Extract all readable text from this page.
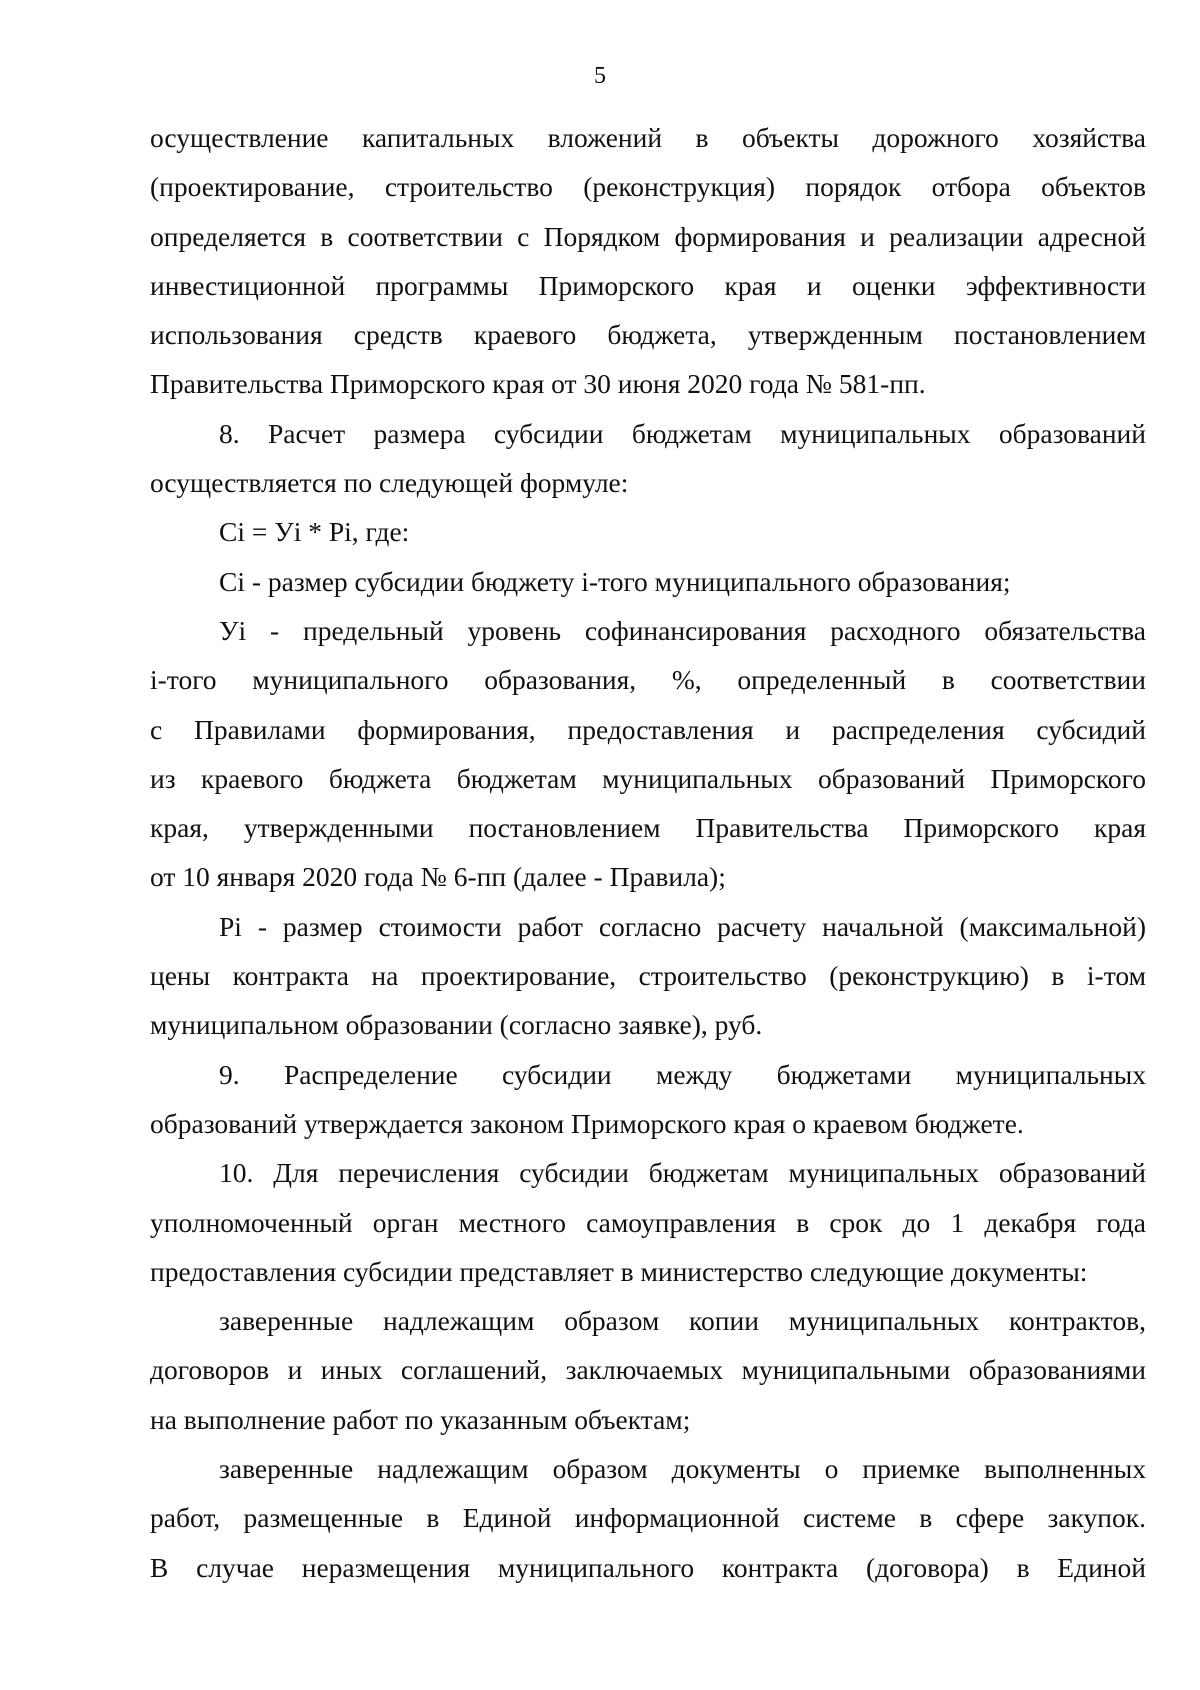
5

осуществление капитальных вложений в объекты дорожного хозяйства
(проектирование, строительство (реконструкция) порядок отбора объектов
определяется в соответствии с Порядком формирования и реализации адресной
инвестиционной программы Приморского края и оценки эффективности
использования средств краевого бюджета, утвержденным постановлением
Правительства Приморского края от 30 июня 2020 года № 581-пп.

8. Расчет размера субсидии бюджетам муниципальных образований
осуществляется по следующей формуле:

Ci = Уi * Pi, где:

Ci - размер субсидии бюджету i-того муниципального образования;

Уi - предельный уровень софинансирования расходного обязательства
i-того муниципального образования, %, определенный в соответствии
с Правилами формирования, предоставления и распределения субсидий
из краевого бюджета бюджетам муниципальных образований Приморского
края, утвержденными постановлением Правительства Приморского края
от 10 января 2020 года № 6-пп (далее - Правила);

Pi - размер стоимости работ согласно расчету начальной (максимальной)
цены контракта на проектирование, строительство (реконструкцию) в i-том
муниципальном образовании (согласно заявке), руб.

9. Распределение субсидии между бюджетами муниципальных
образований утверждается законом Приморского края о краевом бюджете.

10. Для перечисления субсидии бюджетам муниципальных образований
уполномоченный орган местного самоуправления в срок до 1 декабря года
предоставления субсидии представляет в министерство следующие документы:

заверенные надлежащим образом копии муниципальных контрактов,
договоров и иных соглашений, заключаемых муниципальными образованиями
на выполнение работ по указанным объектам;

заверенные надлежащим образом документы о приемке выполненных
работ, размещенные в Единой информационной системе в сфере закупок.
В случае неразмещения муниципального контракта (договора) в Единой
